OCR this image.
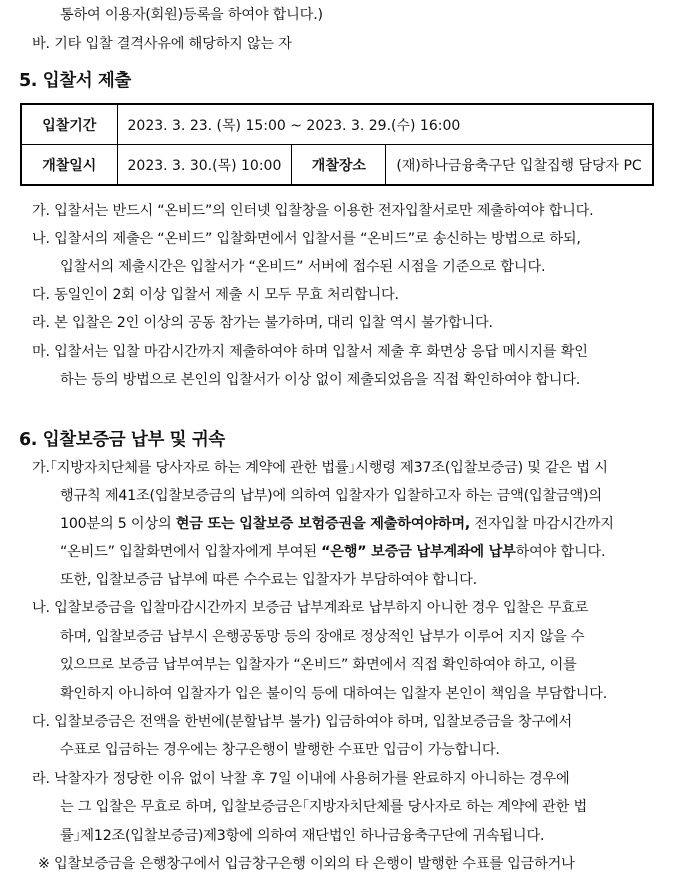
통하여 이용자(회원)등록을 하여야 합니다.)
바. 기타 입찰 결격사유에 해당하지 않는 자
5. 입찰서 제출
입찰기간	2023. 3. 23. (목) 15:00 ~ 2023. 3. 29.(수) 16:00		
개찰일시	2023. 3. 30.(목) 10:00	개찰장소	(재)하나금융축구단 입찰집행 담당자 PC
가. 입찰서는 반드시 “온비드”의 인터넷 입찰창을 이용한 전자입찰서로만 제출하여야 합니다.
나. 입찰서의 제출은 “온비드” 입찰화면에서 입찰서를 “온비드”로 송신하는 방법으로 하되,
입찰서의 제출시간은 입찰서가 “온비드” 서버에 접수된 시점을 기준으로 합니다.
다. 동일인이 2회 이상 입찰서 제출 시 모두 무효 처리합니다.
라. 본 입찰은 2인 이상의 공동 참가는 불가하며, 대리 입찰 역시 불가합니다.
마. 입찰서는 입찰 마감시간까지 제출하여야 하며 입찰서 제출 후 화면상 응답 메시지를 확인
하는 등의 방법으로 본인의 입찰서가 이상 없이 제출되었음을 직접 확인하여야 합니다.
6. 입찰보증금 납부 및 귀속
가.｢지방자치단체를 당사자로 하는 계약에 관한 법률｣시행령 제37조(입찰보증금) 및 같은 법 시
행규칙 제41조(입찰보증금의 납부)에 의하여 입찰자가 입찰하고자 하는 금액(입찰금액)의
100분의 5 이상의 현금 또는 입찰보증 보험증권을 제출하여야하며, 전자입찰 마감시간까지
“온비드” 입찰화면에서 입찰자에게 부여된 “은행” 보증금 납부계좌에 납부하여야 합니다.
또한, 입찰보증금 납부에 따른 수수료는 입찰자가 부담하여야 합니다.
나. 입찰보증금을 입찰마감시간까지 보증금 납부계좌로 납부하지 아니한 경우 입찰은 무효로
하며, 입찰보증금 납부시 은행공동망 등의 장애로 정상적인 납부가 이루어 지지 않을 수
있으므로 보증금 납부여부는 입찰자가 “온비드” 화면에서 직접 확인하여야 하고, 이를
확인하지 아니하여 입찰자가 입은 불이익 등에 대하여는 입찰자 본인이 책임을 부담합니다.
다. 입찰보증금은 전액을 한번에(분할납부 불가) 입금하여야 하며, 입찰보증금을 창구에서
수표로 입금하는 경우에는 창구은행이 발행한 수표만 입금이 가능합니다.
라. 낙찰자가 정당한 이유 없이 낙찰 후 7일 이내에 사용허가를 완료하지 아니하는 경우에
는 그 입찰은 무효로 하며, 입찰보증금은｢지방자치단체를 당사자로 하는 계약에 관한 법
률｣제12조(입찰보증금)제3항에 의하여 재단법인 하나금융축구단에 귀속됩니다.
※ 입찰보증금을 은행창구에서 입금창구은행 이외의 타 은행이 발행한 수표를 입금하거나
